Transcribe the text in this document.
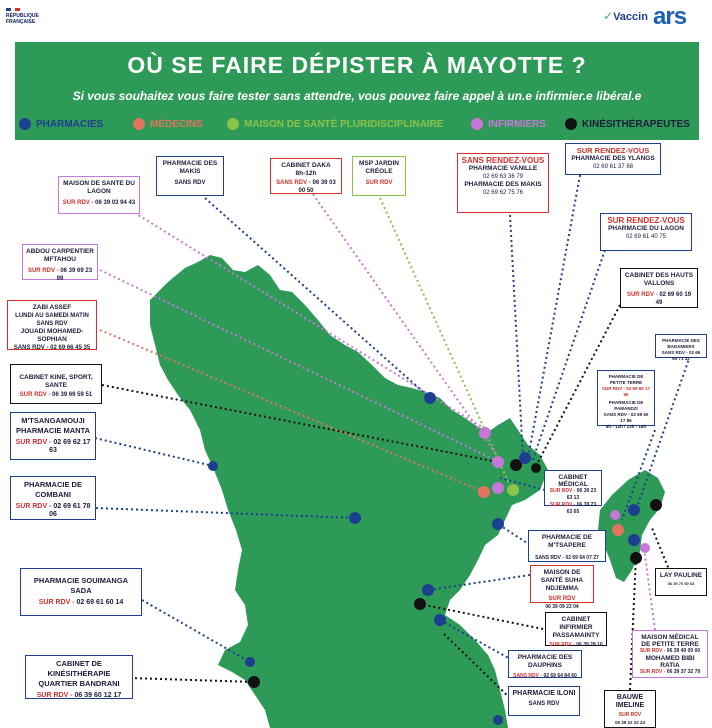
RÉPUBLIQUE
FRANÇAISE	✓Vaccin ars
OÙ SE FAIRE DÉPISTER À MAYOTTE ?
Si vous souhaitez vous faire tester sans attendre, vous pouvez faire appel à un.e infirmier.e libéral.e
PHARMACIES	MÉDECINS	MAISON DE SANTÉ PLURIDISCIPLINAIRE	INFIRMIERS	KINÉSITHÉRAPEUTES
MAISON DE SANTE DU LAGON
SUR RDV - 06 39 03 94 43
PHARMACIE DES MAKIS
SANS RDV
CABINET DAKA
8h-12h
SANS RDV - 06 39 03 00 50
MSP JARDIN CRÉOLE
SUR RDV
SANS RENDEZ-VOUS
PHARMACIE VANILLE
02 69 63 36 79
PHARMACIE DES MAKIS
02 69 62 75 76
SUR RENDEZ-VOUS
PHARMACIE DES YLANGS
02 69 61 37 68
SUR RENDEZ-VOUS
PHARMACIE DU LAGON
02 69 61 40 75
CABINET DES HAUTS VALLONS
SUR RDV - 02 69 60 19 49
ABDOU CARPENTIER MFTAHOU
SUR RDV - 06 39 69 23 99
ZABI ASSEF
LUNDI AU SAMEDI MATIN
SANS RDV
JOUADI MOHAMED-SOPHIAN
SANS RDV - 02 69 66 45 35
PHARMACIE DES BADAMIERS
SANS RDV - 02 69 60 71 32
PHARMACIE DE PETITE TERRE
SUR RDV - 02 69 60 17 86
PHARMACIE DE PAMANDZI
SANS RDV - 02 69 60 17 86
8h - 12h / 13h - 18h
CABINET KINE, SPORT, SANTE
SUR RDV - 06 39 69 59 51
M'TSANGAMOUJI
PHARMACIE MANTA
SUR RDV - 02 69 62 17 63
CABINET MÉDICAL
SUR RDV - 06 39 23 63 13
SUR RDV - 06 39 23 63 65
PHARMACIE DE COMBANI
SUR RDV - 02 69 61 78 06
PHARMACIE DE M'TSAPERE
SANS RDV - 02 69 64 07 27
MAISON DE SANTÉ SUHA NDJEMMA
SUR RDV
06 39 09 22 04
LAY PAULINE
06 39 70 50 63
PHARMACIE SOUIMANGA SADA
SUR RDV - 02 69 61 60 14
CABINET INFIRMIER PASSAMAINTY
SUR RDV - 06 39 28 10
PHARMACIE DES DAUPHINS
SANS RDV - 02 69 64 84 60
MAISON MÉDICAL DE PETITE TERRE
SUR RDV - 06 39 40 00 00
MOHAMED BIBI RATIA
SUR RDV - 06 39 37 32 79
CABINET DE KINÉSITHÉRAPIE QUARTIER BANDRANI
SUR RDV - 06 39 60 12 17	PHARMACIE ILONI
SANS RDV
BAUWE IMELINE
SUR RDV
06 39 22 22 24
